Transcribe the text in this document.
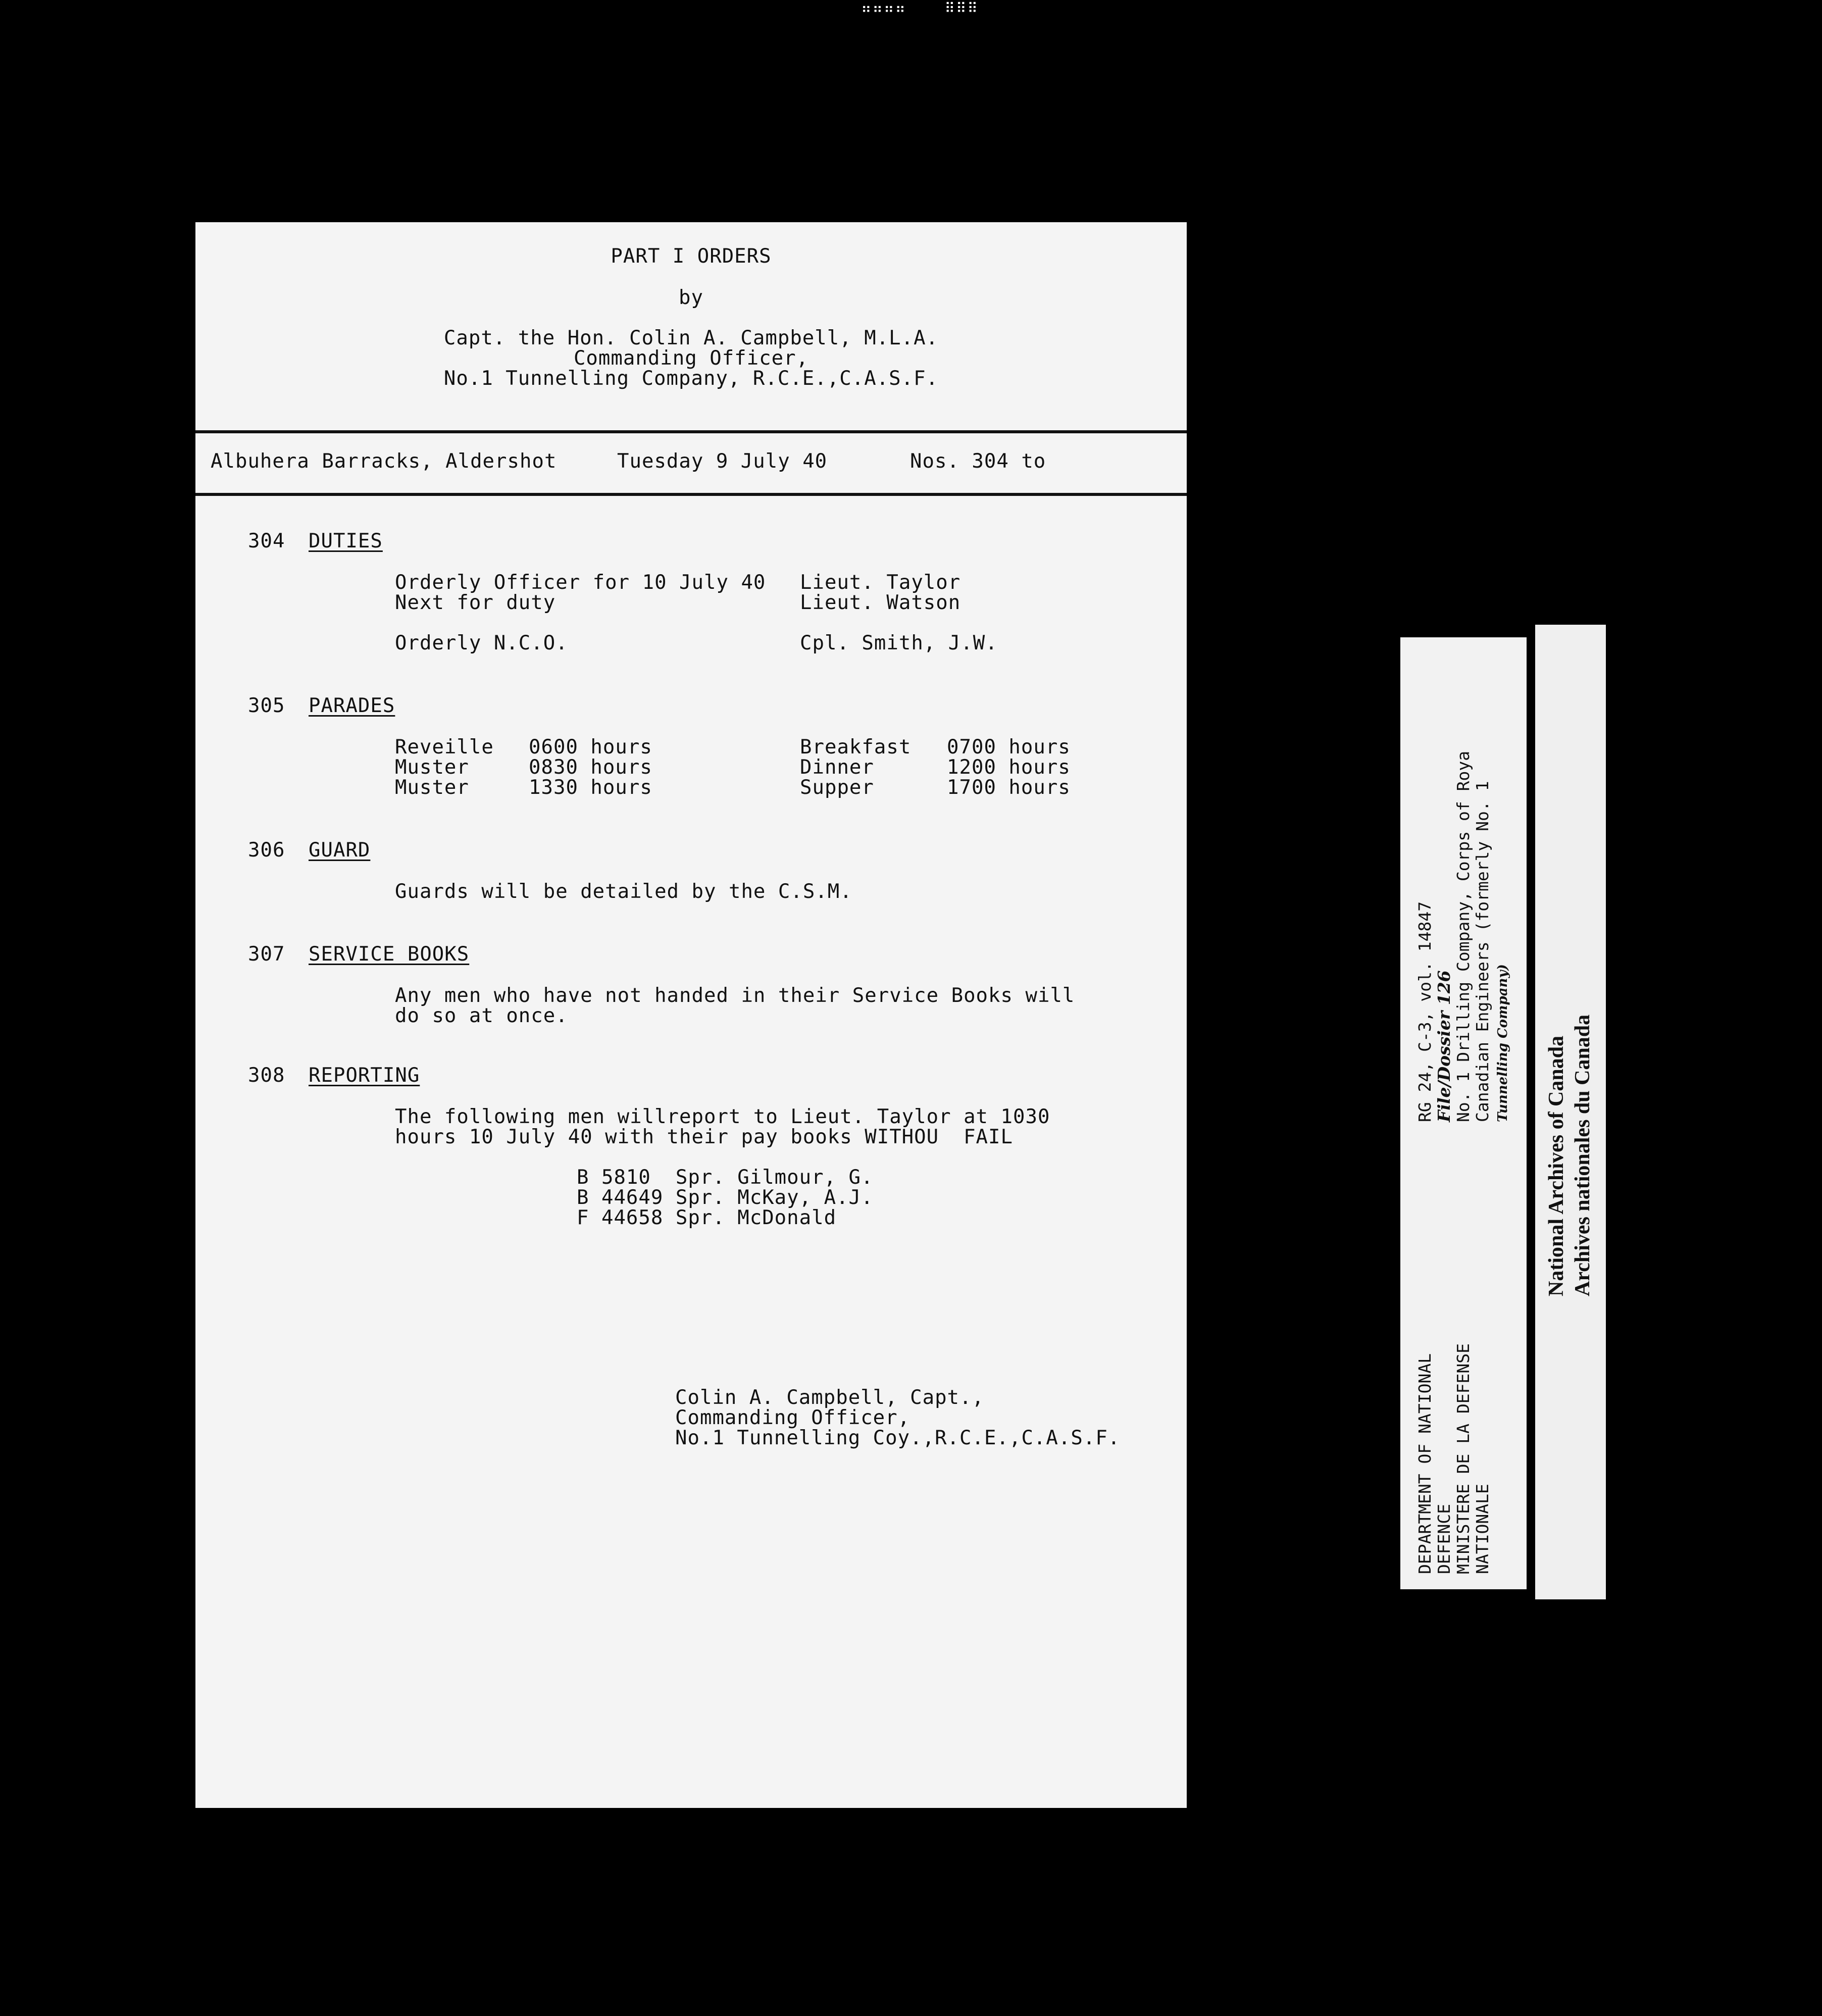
⠶⠶⠶⠶    ⠿⠿⠿
PART I ORDERS
by
Capt. the Hon. Colin A. Campbell, M.L.A.
Commanding Officer,
No.1 Tunnelling Company, R.C.E.,C.A.S.F.
Albuhera Barracks, Aldershot	Tuesday 9 July 40	Nos. 304 to
304 DUTIES
Orderly Officer for 10 July 40 Lieut. Taylor
Next for duty	Lieut. Watson
Orderly N.C.O.	Cpl. Smith, J.W.
305 PARADES
Reveille 0600 hours	Breakfast 0700 hours
Muster	0830 hours	Dinner	1200 hours
Muster	1330 hours	Supper	1700 hours
306 GUARD
Guards will be detailed by the C.S.M.
307 SERVICE BOOKS
Any men who have not handed in their Service Books will
do so at once.
308 REPORTING
The following men willreport to Lieut. Taylor at 1030
hours 10 July 40 with their pay books WITHOU  FAIL
B 5810  Spr. Gilmour, G.
B 44649 Spr. McKay, A.J.
F 44658 Spr. McDonald
Colin A. Campbell, Capt.,
Commanding Officer,
No.1 Tunnelling Coy.,R.C.E.,C.A.S.F.	DEPARTMENT OF NATIONAL DEFENCE MINISTERE DE LA DEFENSE NATIONALE
RG 24, C-3, vol. 14847 File/Dossier 126 No. 1 Drilling Company, Corps of Roya Canadian Engineers (formerly No. 1 Tunnelling Company) National Archives of Canada Archives nationales du Canada
